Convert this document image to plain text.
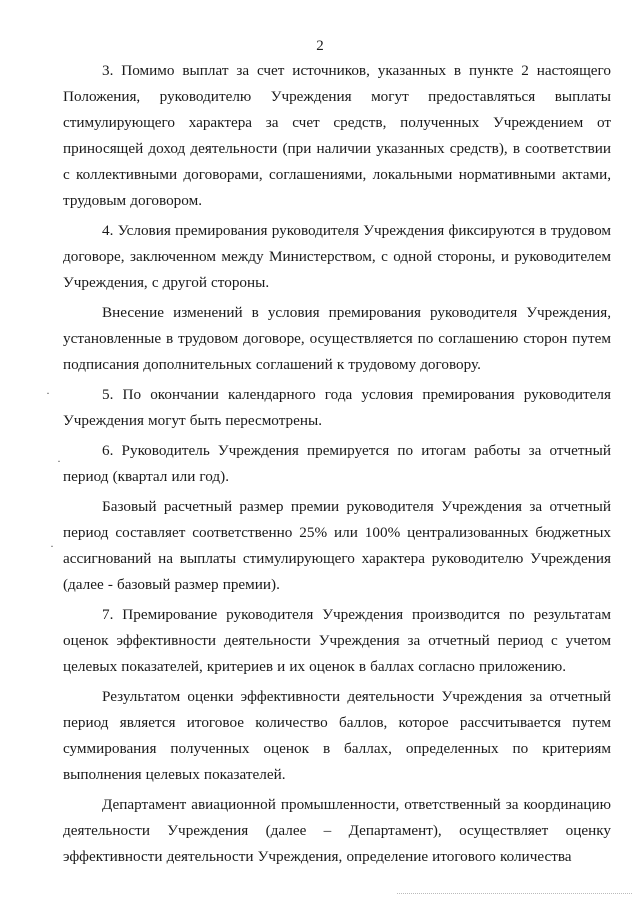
2

3. Помимо выплат за счет источников, указанных в пункте 2 настоящего Положения, руководителю Учреждения могут предоставляться выплаты стимулирующего характера за счет средств, полученных Учреждением от приносящей доход деятельности (при наличии указанных средств), в соответствии с коллективными договорами, соглашениями, локальными нормативными актами, трудовым договором.

4. Условия премирования руководителя Учреждения фиксируются в трудовом договоре, заключенном между Министерством, с одной стороны, и руководителем Учреждения, с другой стороны.

Внесение изменений в условия премирования руководителя Учреждения, установленные в трудовом договоре, осуществляется по соглашению сторон путем подписания дополнительных соглашений к трудовому договору.

5. По окончании календарного года условия премирования руководителя Учреждения могут быть пересмотрены.

6. Руководитель Учреждения премируется по итогам работы за отчетный период (квартал или год).

Базовый расчетный размер премии руководителя Учреждения за отчетный период составляет соответственно 25% или 100% централизованных бюджетных ассигнований на выплаты стимулирующего характера руководителю Учреждения (далее - базовый размер премии).

7. Премирование руководителя Учреждения производится по результатам оценок эффективности деятельности Учреждения за отчетный период с учетом целевых показателей, критериев и их оценок в баллах согласно приложению.

Результатом оценки эффективности деятельности Учреждения за отчетный период является итоговое количество баллов, которое рассчитывается путем суммирования полученных оценок в баллах, определенных по критериям выполнения целевых показателей.

Департамент авиационной промышленности, ответственный за координацию деятельности Учреждения (далее – Департамент), осуществляет оценку эффективности деятельности Учреждения, определение итогового количества

·
·
·
